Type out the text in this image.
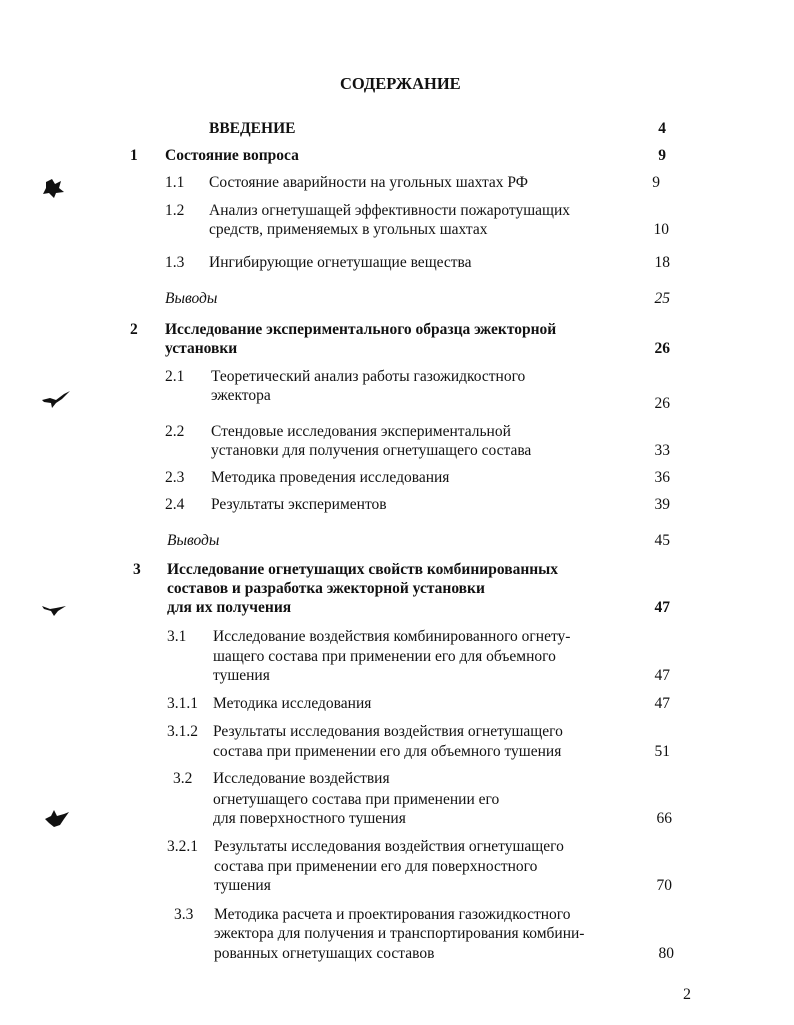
СОДЕРЖАНИЕ
ВВЕДЕНИЕ	4
1 Состояние вопроса	9
1.1 Состояние аварийности на угольных шахтах РФ	9
1.2 Анализ огнетушащей эффективности пожаротушащих
средств, применяемых в угольных шахтах	10
1.3 Ингибирующие огнетушащие вещества	18
Выводы	25
2 Исследование экспериментального образца эжекторной
установки	26
2.1 Теоретический анализ работы газожидкостного
эжектора	26
2.2 Стендовые исследования экспериментальной
установки для получения огнетушащего состава	33
2.3 Методика проведения исследования	36
2.4 Результаты экспериментов	39
Выводы	45
3 Исследование огнетушащих свойств комбинированных
составов и разработка эжекторной установки
для их получения	47
3.1 Исследование воздействия комбинированного огнету-
шащего состава при применении его для объемного
тушения	47
3.1.1 Методика исследования	47
3.1.2 Результаты исследования воздействия огнетушащего
состава при применении его для объемного тушения	51
3.2 Исследование воздействия
огнетушащего состава при применении его
для поверхностного тушения	66
3.2.1 Результаты исследования воздействия огнетушащего
состава при применении его для поверхностного
тушения	70
3.3 Методика расчета и проектирования газожидкостного
эжектора для получения и транспортирования комбини-
рованных огнетушащих составов	80
2
